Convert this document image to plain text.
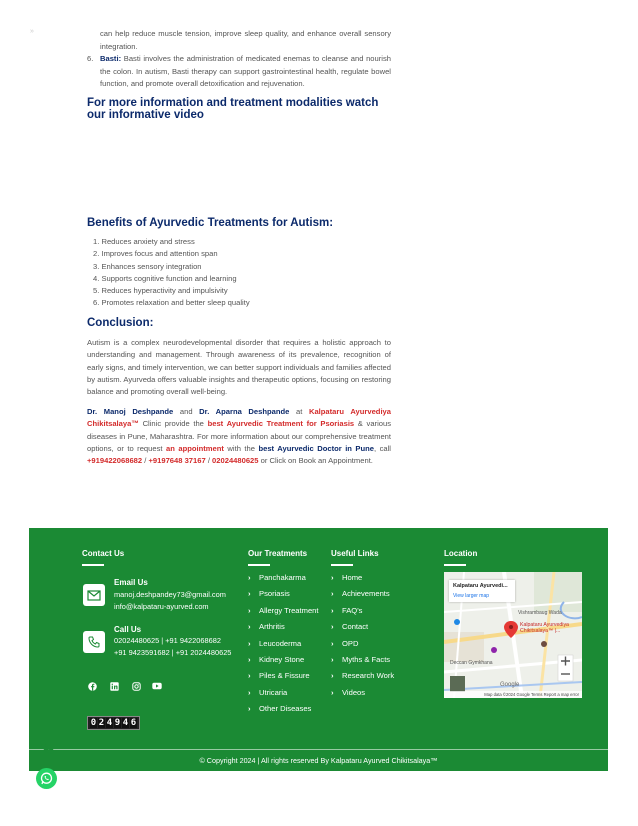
»	can help reduce muscle tension, improve sleep quality, and enhance overall sensory integration.
6. Basti: Basti involves the administration of medicated enemas to cleanse and nourish the colon. In autism, Basti therapy can support gastrointestinal health, regulate bowel function, and promote overall detoxification and rejuvenation.
For more information and treatment modalities watch our informative video
Benefits of Ayurvedic Treatments for Autism:
1. Reduces anxiety and stress
2. Improves focus and attention span
3. Enhances sensory integration
4. Supports cognitive function and learning
5. Reduces hyperactivity and impulsivity
6. Promotes relaxation and better sleep quality
Conclusion:

Autism is a complex neurodevelopmental disorder that requires a holistic approach to understanding and management. Through awareness of its prevalence, recognition of early signs, and timely intervention, we can better support individuals and families affected by autism. Ayurveda offers valuable insights and therapeutic options, focusing on restoring balance and promoting overall well-being.

Dr. Manoj Deshpande and Dr. Aparna Deshpande at Kalpataru Ayurvediya Chikitsalaya™ Clinic provide the best Ayurvedic Treatment for Psoriasis & various diseases in Pune, Maharashtra. For more information about our comprehensive treatment options, or to request an appointment with the best Ayurvedic Doctor in Pune, call +919422068682 / +9197648 37167 / 02024480625 or Click on Book an Appointment.

Contact Us
Email Us
manoj.deshpandey73@gmail.com
info@kalpataru-ayurved.com
Call Us
02024480625 | +91 9422068682
+91 9423591682 | +91 2024480625
0 2 4 9 4 6
Our Treatments
› Panchakarma
› Psoriasis
› Allergy Treatment
› Arthritis
› Leucoderma
› Kidney Stone
› Piles & Fissure
› Utricaria
› Other Diseases
Useful Links
› Home
› Achievements
› FAQ's
› Contact
› OPD
› Myths & Facts
› Research Work
› Videos
Location
Kalpataru Ayurvedi...
View larger map
Kalpataru Ayurvediya Chikitsalaya™ |...
Vishrambaug Wada
Deccan Gymkhana
Google
Map data ©2024 Google Terms Report a map error
© Copyright 2024 | All rights reserved By Kalpataru Ayurved Chikitsalaya™
